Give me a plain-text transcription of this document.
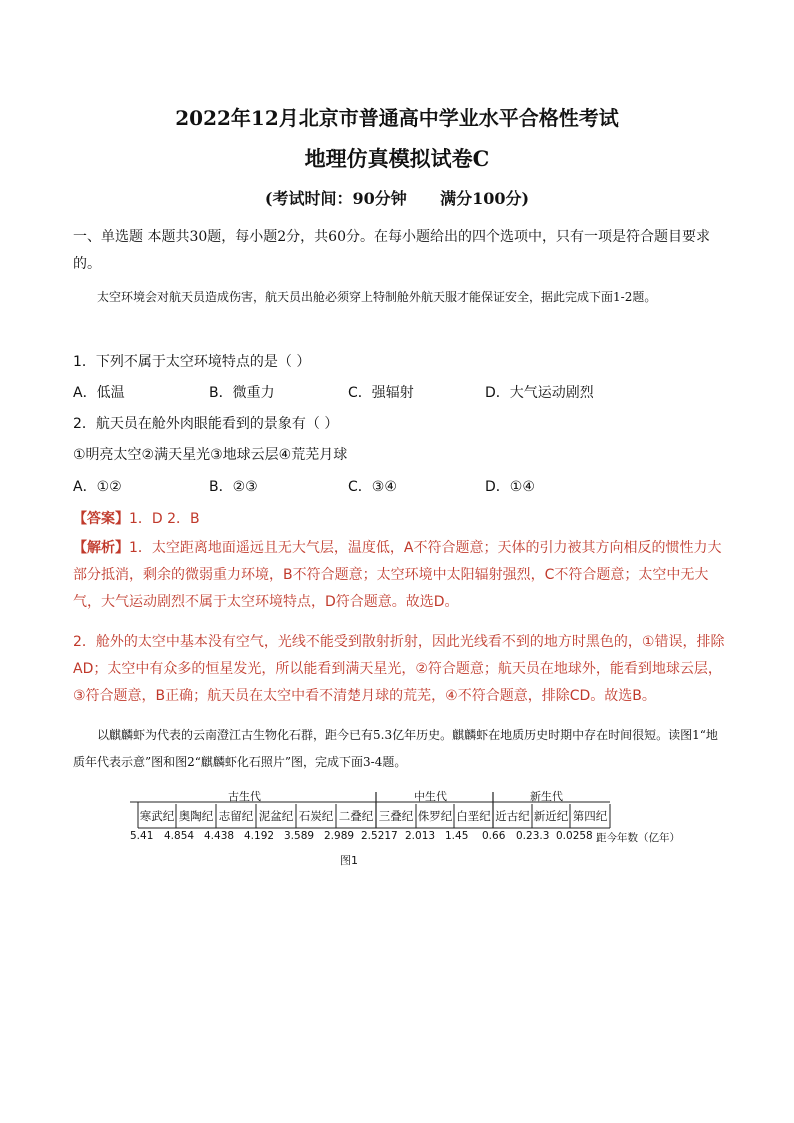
2022年12月北京市普通高中学业水平合格性考试
地理仿真模拟试卷C
(考试时间：90分钟      满分100分)
一、单选题 本题共30题，每小题2分，共60分。在每小题给出的四个选项中，只有一项是符合题目要求的。
太空环境会对航天员造成伤害，航天员出舱必须穿上特制舱外航天服才能保证安全，据此完成下面1-2题。
1．下列不属于太空环境特点的是（ ）
A．低温	B．微重力	C．强辐射	D．大气运动剧烈
2．航天员在舱外肉眼能看到的景象有（ ）
①明亮太空②满天星光③地球云层④荒芜月球
A．①②	B．②③	C．③④	D．①④
【答案】1．D 2．B
【解析】1．太空距离地面遥远且无大气层，温度低，A不符合题意；天体的引力被其方向相反的惯性力大部分抵消，剩余的微弱重力环境，B不符合题意；太空环境中太阳辐射强烈，C不符合题意；太空中无大气，大气运动剧烈不属于太空环境特点，D符合题意。故选D。
2．舱外的太空中基本没有空气，光线不能受到散射折射，因此光线看不到的地方时黑色的，①错误，排除AD；太空中有众多的恒星发光，所以能看到满天星光，②符合题意；航天员在地球外，能看到地球云层，③符合题意，B正确；航天员在太空中看不清楚月球的荒芜，④不符合题意，排除CD。故选B。
以麒麟虾为代表的云南澄江古生物化石群，距今已有5.3亿年历史。麒麟虾在地质历史时期中存在时间很短。读图1“地质年代表示意”图和图2“麒麟虾化石照片”图，完成下面3-4题。
古生代	中生代	新生代
寒武纪 奥陶纪 志留纪 泥盆纪 石炭纪 二叠纪 三叠纪 侏罗纪 白垩纪 近古纪 新近纪 第四纪
5.41 4.854 4.438 4.192 3.589 2.989 2.5217 2.013 1.45 0.66 0.23.3 0.0258 距今年数（亿年）
图1
